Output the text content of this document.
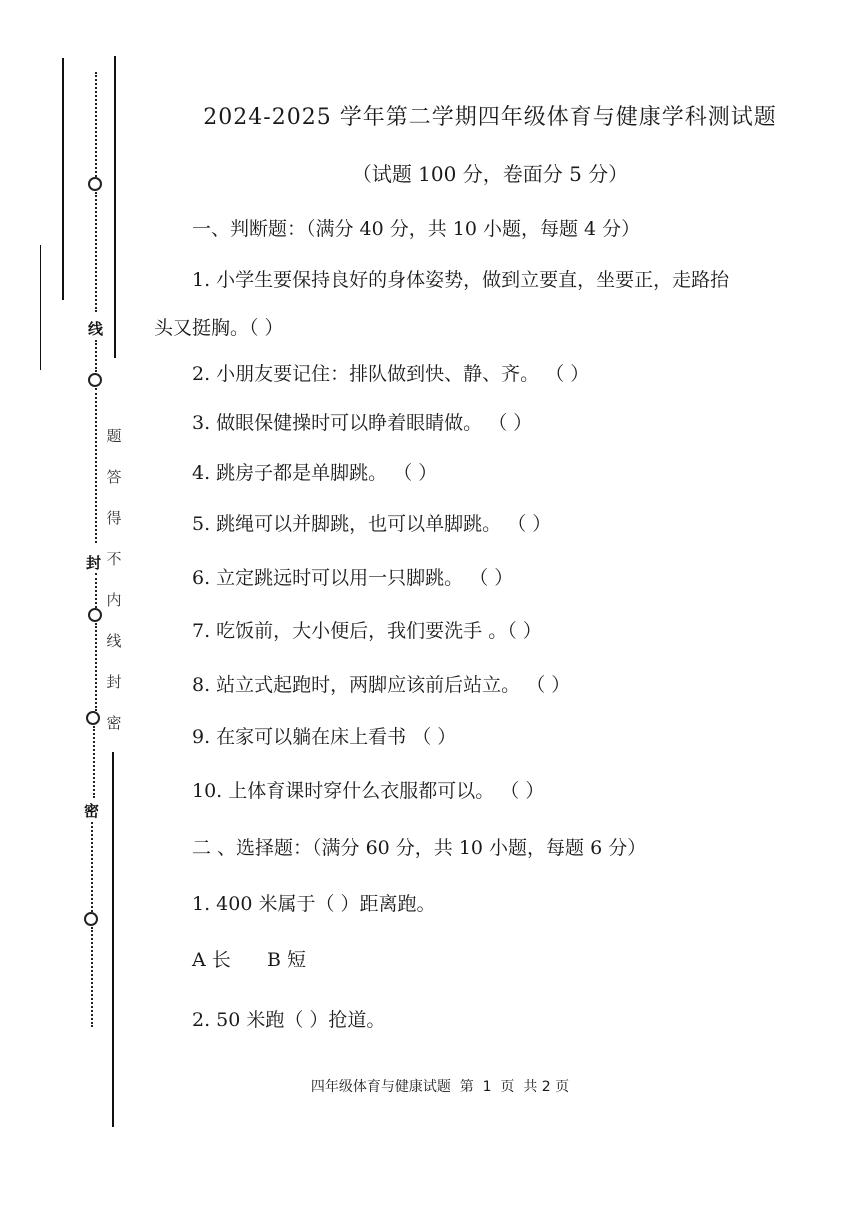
线
封
密
题
答
得
不
内
线
封
密
2024-2025 学年第二学期四年级体育与健康学科测试题
（试题 100 分，卷面分 5 分）
一、判断题：（满分 40 分，共 10 小题，每题 4 分）
1. 小学生要保持良好的身体姿势，做到立要直，坐要正，走路抬
头又挺胸。（ ）
2. 小朋友要记住：排队做到快、静、齐。 （ ）
3. 做眼保健操时可以睁着眼睛做。 （ ）
4. 跳房子都是单脚跳。 （ ）
5. 跳绳可以并脚跳，也可以单脚跳。 （ ）
6. 立定跳远时可以用一只脚跳。 （ ）
7. 吃饭前，大小便后，我们要洗手 。（ ）
8. 站立式起跑时，两脚应该前后站立。 （ ）
9. 在家可以躺在床上看书 （ ）
10. 上体育课时穿什么衣服都可以。 （ ）
二 、选择题：（满分 60 分，共 10 小题，每题 6 分）
1. 400 米属于（ ）距离跑。
A 长      B 短
2. 50 米跑（ ）抢道。
四年级体育与健康试题  第  1  页  共 2 页
